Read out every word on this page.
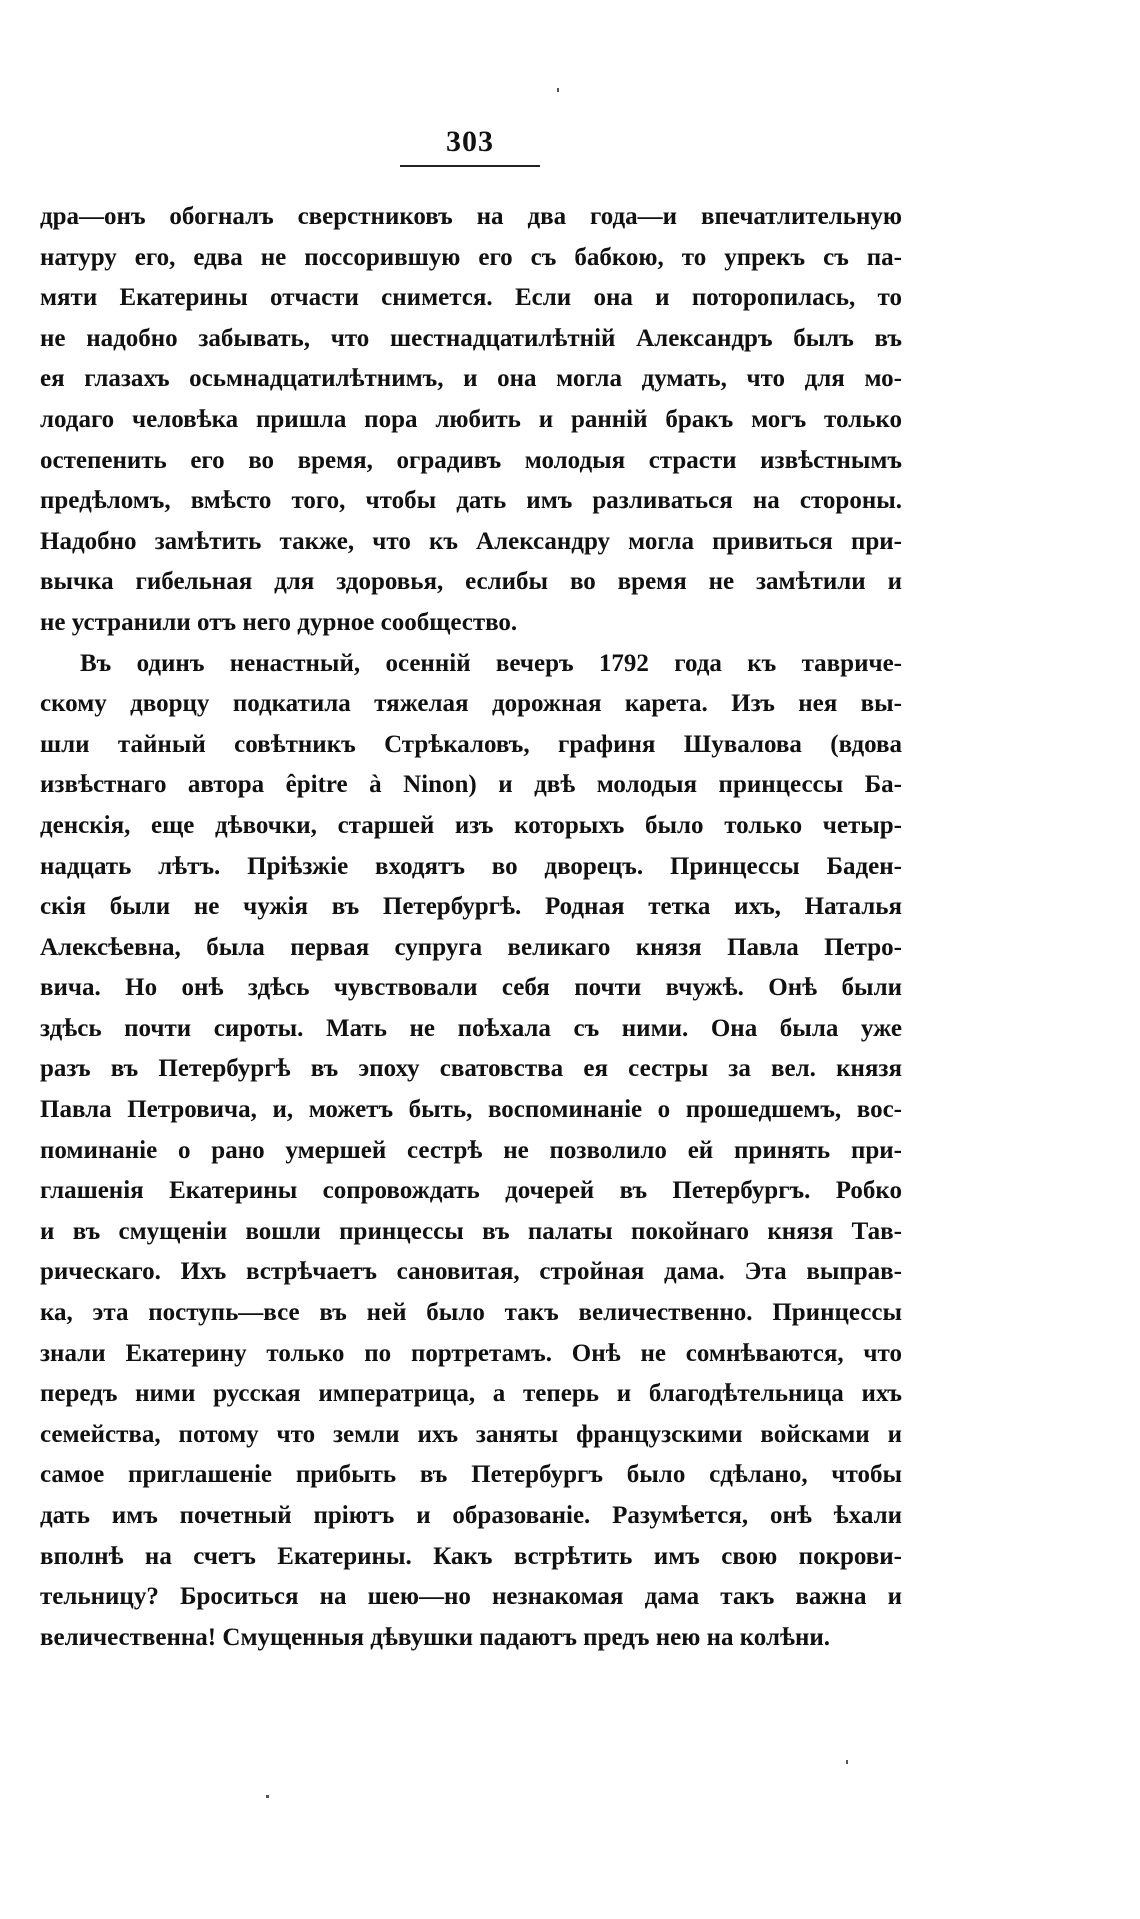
303
дра—онъ обогналъ сверстниковъ на два года—и впечатлительную
натуру его, едва не поссорившую его съ бабкою, то упрекъ съ па-
мяти Екатерины отчасти снимется. Если она и поторопилась, то
не надобно забывать, что шестнадцатилѣтній Александръ былъ въ
ея глазахъ осьмнадцатилѣтнимъ, и она могла думать, что для мо-
лодаго человѣка пришла пора любить и раннiй бракъ могъ только
остепенить его во время, оградивъ молодыя страсти извѣстнымъ
предѣломъ, вмѣсто того, чтобы дать имъ разливаться на стороны.
Надобно замѣтить также, что къ Александру могла привиться при-
вычка гибельная для здоровья, еслибы во время не замѣтили и
не устранили отъ него дурное сообщество.
Въ одинъ ненастный, осенній вечеръ 1792 года къ тавриче-
скому дворцу подкатила тяжелая дорожная карета. Изъ нея вы-
шли тайный совѣтникъ Стрѣкаловъ, графиня Шувалова (вдова
извѣстнаго автора êpitre à Ninon) и двѣ молодыя принцессы Ба-
денскія, еще дѣвочки, старшей изъ которыхъ было только четыр-
надцать лѣтъ. Пріѣзжіе входятъ во дворецъ. Принцессы Баден-
скія были не чужія въ Петербургѣ. Родная тетка ихъ, Наталья
Алексѣевна, была первая супруга великаго князя Павла Петро-
вича. Но онѣ здѣсь чувствовали себя почти вчужѣ. Онѣ были
здѣсь почти сироты. Мать не поѣхала съ ними. Она была уже
разъ въ Петербургѣ въ эпоху сватовства ея сестры за вел. князя
Павла Петровича, и, можетъ быть, воспоминаніе о прошедшемъ, вос-
поминаніе о рано умершей сестрѣ не позволило ей принять при-
глашенія Екатерины сопровождать дочерей въ Петербургъ. Робко
и въ смущеніи вошли принцессы въ палаты покойнаго князя Тав-
рическаго. Ихъ встрѣчаетъ сановитая, стройная дама. Эта выправ-
ка, эта поступь—все въ ней было такъ величественно. Принцессы
знали Екатерину только по портретамъ. Онѣ не сомнѣваются, что
передъ ними русская императрица, а теперь и благодѣтельница ихъ
семейства, потому что земли ихъ заняты французскими войсками и
самое приглашеніе прибыть въ Петербургъ было сдѣлано, чтобы
дать имъ почетный пріютъ и образованіе. Разумѣется, онѣ ѣхали
вполнѣ на счетъ Екатерины. Какъ встрѣтить имъ свою покрови-
тельницу? Броситься на шею—но незнакомая дама такъ важна и
величественна! Смущенныя дѣвушки падаютъ предъ нею на колѣни.
